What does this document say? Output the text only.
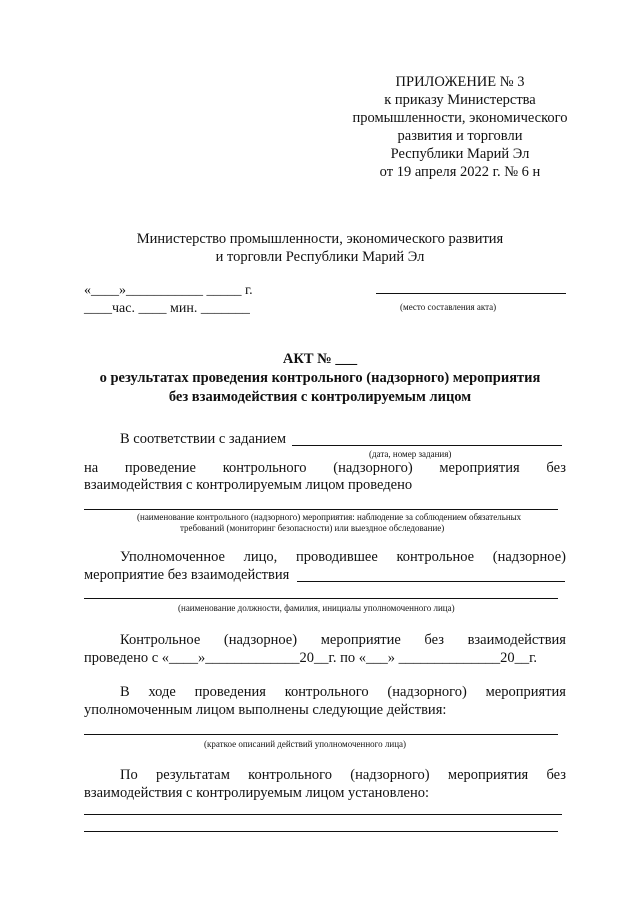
ПРИЛОЖЕНИЕ № 3
к приказу Министерства
промышленности, экономического
развития и торговли
Республики Марий Эл
от 19 апреля 2022 г. № 6 н
Министерство промышленности, экономического развития
и торговли Республики Марий Эл
«____»___________ _____ г.
____час. ____ мин. _______	(место составления акта)
АКТ № ___
о результатах проведения контрольного (надзорного) мероприятия
без взаимодействия с контролируемым лицом
В соответствии с заданием
(дата, номер задания)
на проведение контрольного (надзорного) мероприятия без
взаимодействия с контролируемым лицом проведено
(наименование контрольного (надзорного) мероприятия: наблюдение за соблюдением обязательных
требований (мониторинг безопасности) или выездное обследование)
Уполномоченное лицо, проводившее контрольное (надзорное)
мероприятие без взаимодействия
(наименование должности, фамилия, инициалы уполномоченного лица)
Контрольное (надзорное) мероприятие без взаимодействия
проведено с «____»_____________20__г. по «___» ______________20__г.
В ходе проведения контрольного (надзорного) мероприятия
уполномоченным лицом выполнены следующие действия:
(краткое описаний действий уполномоченного лица)
По результатам контрольного (надзорного) мероприятия без
взаимодействия с контролируемым лицом установлено:
